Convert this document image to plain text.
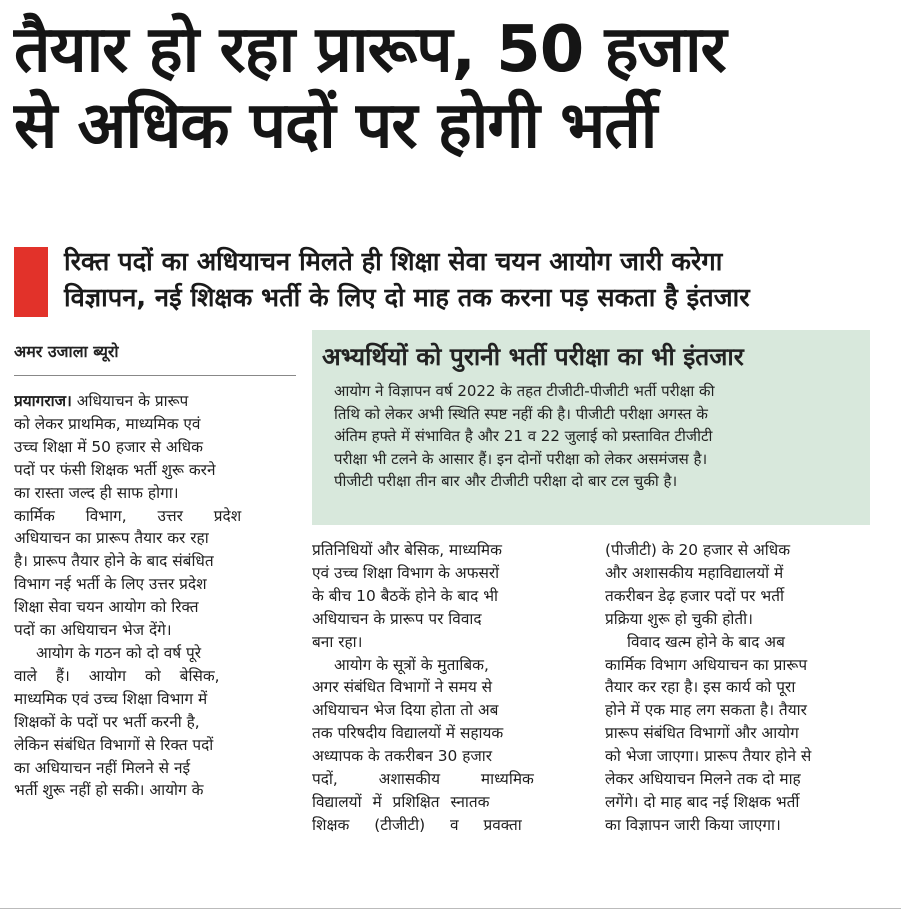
तैयार हो रहा प्रारूप, 50 हजार
से अधिक पदों पर होगी भर्ती
रिक्त पदों का अधियाचन मिलते ही शिक्षा सेवा चयन आयोग जारी करेगा
विज्ञापन, नई शिक्षक भर्ती के लिए दो माह तक करना पड़ सकता है इंतजार
अमर उजाला ब्यूरो	अभ्यर्थियों को पुरानी भर्ती परीक्षा का भी इंतजार
आयोग ने विज्ञापन वर्ष 2022 के तहत टीजीटी-पीजीटी भर्ती परीक्षा की
तिथि को लेकर अभी स्थिति स्पष्ट नहीं की है। पीजीटी परीक्षा अगस्त के
अंतिम हफ्ते में संभावित है और 21 व 22 जुलाई को प्रस्तावित टीजीटी
परीक्षा भी टलने के आसार हैं। इन दोनों परीक्षा को लेकर असमंजस है।
पीजीटी परीक्षा तीन बार और टीजीटी परीक्षा दो बार टल चुकी है।
प्रयागराज। अधियाचन के प्रारूप
को लेकर प्राथमिक, माध्यमिक एवं
उच्च शिक्षा में 50 हजार से अधिक
पदों पर फंसी शिक्षक भर्ती शुरू करने
का रास्ता जल्द ही साफ होगा।
कार्मिक विभाग, उत्तर प्रदेश
अधियाचन का प्रारूप तैयार कर रहा
है। प्रारूप तैयार होने के बाद संबंधित
विभाग नई भर्ती के लिए उत्तर प्रदेश
शिक्षा सेवा चयन आयोग को रिक्त
पदों का अधियाचन भेज देंगे।
आयोग के गठन को दो वर्ष पूरे
वाले हैं। आयोग को बेसिक,
माध्यमिक एवं उच्च शिक्षा विभाग में
शिक्षकों के पदों पर भर्ती करनी है,
लेकिन संबंधित विभागों से रिक्त पदों
का अधियाचन नहीं मिलने से नई
भर्ती शुरू नहीं हो सकी। आयोग के
प्रतिनिधियों और बेसिक, माध्यमिक
एवं उच्च शिक्षा विभाग के अफसरों
के बीच 10 बैठकें होने के बाद भी
अधियाचन के प्रारूप पर विवाद
बना रहा।
आयोग के सूत्रों के मुताबिक,
अगर संबंधित विभागों ने समय से
अधियाचन भेज दिया होता तो अब
तक परिषदीय विद्यालयों में सहायक
अध्यापक के तकरीबन 30 हजार
पदों, अशासकीय माध्यमिक
विद्यालयों में प्रशिक्षित स्नातक
शिक्षक (टीजीटी) व प्रवक्ता
(पीजीटी) के 20 हजार से अधिक
और अशासकीय महाविद्यालयों में
तकरीबन डेढ़ हजार पदों पर भर्ती
प्रक्रिया शुरू हो चुकी होती।
विवाद खत्म होने के बाद अब
कार्मिक विभाग अधियाचन का प्रारूप
तैयार कर रहा है। इस कार्य को पूरा
होने में एक माह लग सकता है। तैयार
प्रारूप संबंधित विभागों और आयोग
को भेजा जाएगा। प्रारूप तैयार होने से
लेकर अधियाचन मिलने तक दो माह
लगेंगे। दो माह बाद नई शिक्षक भर्ती
का विज्ञापन जारी किया जाएगा।
